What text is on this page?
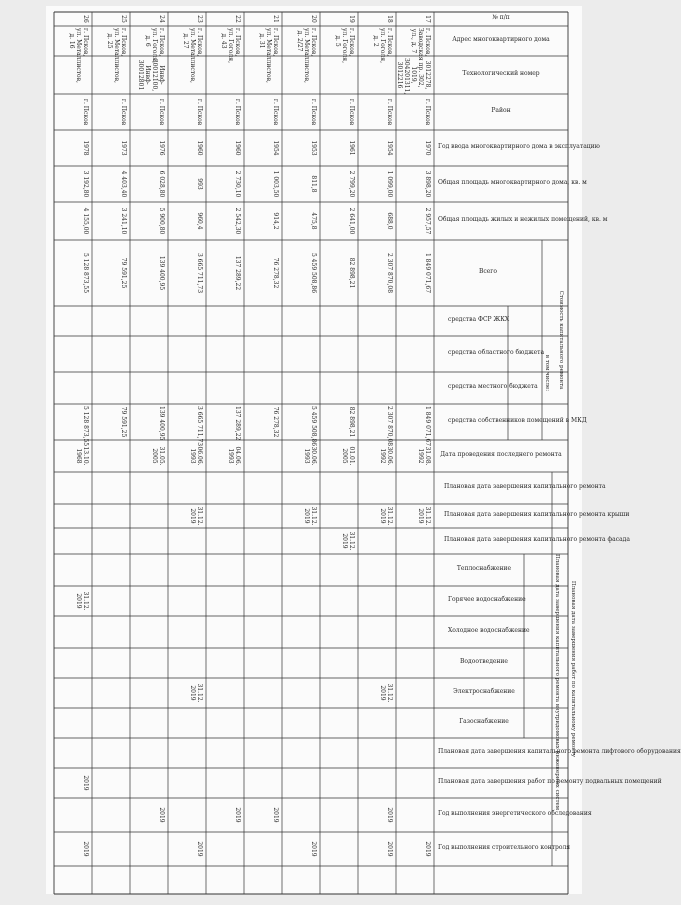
№ п/п
Адрес многоквартирного дома
Технологический номер
Район
Год ввода многоквартирного дома в эксплуатацию
Общая площадь многоквартирного дома, кв. м
Общая площадь жилых и нежилых помещений, кв. м
Стоимость капитального ремонта
Всего
в том числе:
средства ФСР ЖКХ
средства областного бюджета
средства местного бюджета
средства собственников помещений в МКД
Дата проведения последнего ремонта
Плановая дата завершения работ по капитальному ремонту
Плановая дата завершения капитального ремонта
Плановая дата завершения капитального ремонта крыши
Плановая дата завершения капитального ремонта фасада
Плановая дата завершения капитального ремонта внутридомовых инженерных систем
Теплоснабжение
Горячее водоснабжение
Холодное водоснабжение
Водоотведение
Электроснабжение
Газоснабжение
Плановая дата завершения капитального ремонта лифтового оборудования
Плановая дата завершения работ по ремонту подвальных помещений
Год выполнения энергетического обследования
Год выполнения строительного контроля
17
г. Псков,
Заводская
ул., д. 7
3012278,
пр. 302,
1019,
304201311,
3012216
г. Псков
1970
3 898,20
2 957,57
1 849 071,67
1 849 071,67
31.08.
1992
31.12.
2019
2019
18
г. Псков,
ул. Гоголя,
д. 2
г. Псков
1954
1 099,00
688,0
2 307 870,08
2 307 870,08
30.06.
1992
31.12.
2019
31.12.
2019
2019
2019
19
г. Псков,
ул. Гоголя,
д. 5
г. Псков
1961
2 799,20
2 641,00
82 898,21
82 898,21
01.01.
2005
31.12.
2019
20
г. Псков,
ул. Металлистов,
д. 2/27
г. Псков
1953
811,8
475,8
5 459 508,86
5 459 508,86
30.06.
1993
31.12.
2019
2019
21
г. Псков,
ул. Металлистов,
д. 31
г. Псков
1954
1 003,50
914,2
76 278,32
76 278,32
2019
22
г. Псков,
ул. Гоголя,
д. 43
г. Псков
1960
2 730,10
2 542,30
137 289,22
137 289,22
04.06.
1993
2019
23
г. Псков,
ул. Металлистов,
д. 27
г. Псков
1960
993
960,4
3 665 711,73
3 665 711,73
06.06.
1993
31.12.
2019
31.12.
2019
2019
24
г. Псков,
ул. Гоголя,
д. 6
Инвф-
30012100,
Инвф-
30012801
г. Псков
1976
6 028,80
5 900,80
139 400,95
139 400,95
31.05.
2005
2019
25
г. Псков,
ул. Металлистов,
д. 25
г. Псков
1973
4 403,40
3 241,10
79 591,25
79 591,25
26
г. Псков,
ул. Металлистов,
д. 16
г. Псков
1978
3 192,80
4 155,00
5 128 873,55
5 128 873,55
13.10.
1968
31.12.
2019
2019
2019
